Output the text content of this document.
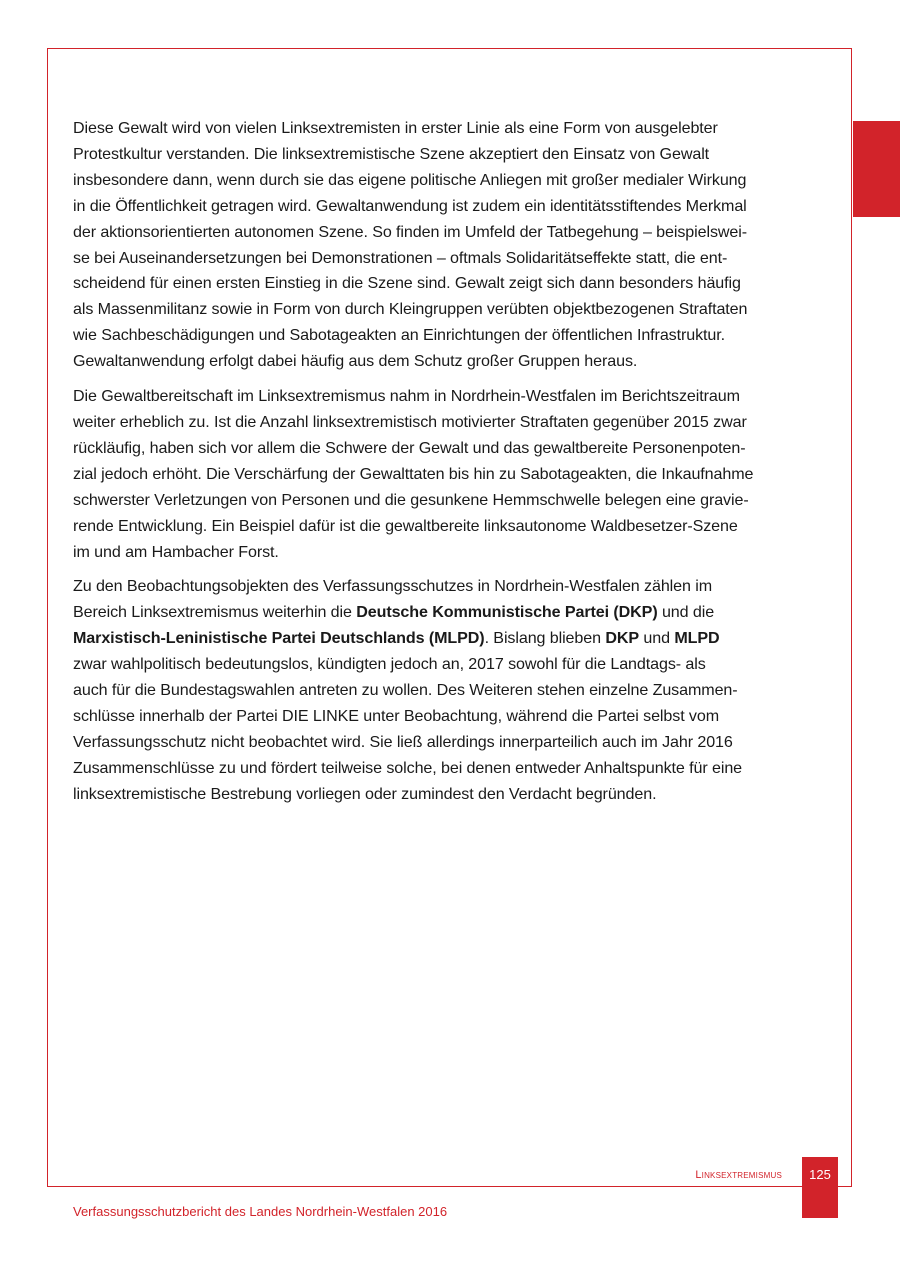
Diese Gewalt wird von vielen Linksextremisten in erster Linie als eine Form von ausgelebter
Protestkultur verstanden. Die linksextremistische Szene akzeptiert den Einsatz von Gewalt
insbesondere dann, wenn durch sie das eigene politische Anliegen mit großer medialer Wirkung
in die Öffentlichkeit getragen wird. Gewaltanwendung ist zudem ein identitätsstiftendes Merkmal
der aktionsorientierten autonomen Szene. So finden im Umfeld der Tatbegehung – beispielswei-
se bei Auseinandersetzungen bei Demonstrationen – oftmals Solidaritätseffekte statt, die ent-
scheidend für einen ersten Einstieg in die Szene sind. Gewalt zeigt sich dann besonders häufig
als Massenmilitanz sowie in Form von durch Kleingruppen verübten objektbezogenen Straftaten
wie Sachbeschädigungen und Sabotageakten an Einrichtungen der öffentlichen Infrastruktur.
Gewaltanwendung erfolgt dabei häufig aus dem Schutz großer Gruppen heraus.

Die Gewaltbereitschaft im Linksextremismus nahm in Nordrhein-Westfalen im Berichtszeitraum
weiter erheblich zu. Ist die Anzahl linksextremistisch motivierter Straftaten gegenüber 2015 zwar
rückläufig, haben sich vor allem die Schwere der Gewalt und das gewaltbereite Personenpoten-
zial jedoch erhöht. Die Verschärfung der Gewalttaten bis hin zu Sabotageakten, die Inkaufnahme
schwerster Verletzungen von Personen und die gesunkene Hemmschwelle belegen eine gravie-
rende Entwicklung. Ein Beispiel dafür ist die gewaltbereite linksautonome Waldbesetzer-Szene
im und am Hambacher Forst.

Zu den Beobachtungsobjekten des Verfassungsschutzes in Nordrhein-Westfalen zählen im
Bereich Linksextremismus weiterhin die Deutsche Kommunistische Partei (DKP) und die
Marxistisch-Leninistische Partei Deutschlands (MLPD). Bislang blieben DKP und MLPD
zwar wahlpolitisch bedeutungslos, kündigten jedoch an, 2017 sowohl für die Landtags- als
auch für die Bundestagswahlen antreten zu wollen. Des Weiteren stehen einzelne Zusammen-
schlüsse innerhalb der Partei DIE LINKE unter Beobachtung, während die Partei selbst vom
Verfassungsschutz nicht beobachtet wird. Sie ließ allerdings innerparteilich auch im Jahr 2016
Zusammenschlüsse zu und fördert teilweise solche, bei denen entweder Anhaltspunkte für eine
linksextremistische Bestrebung vorliegen oder zumindest den Verdacht begründen.

Linksextremismus	125
Verfassungsschutzbericht des Landes Nordrhein-Westfalen 2016
